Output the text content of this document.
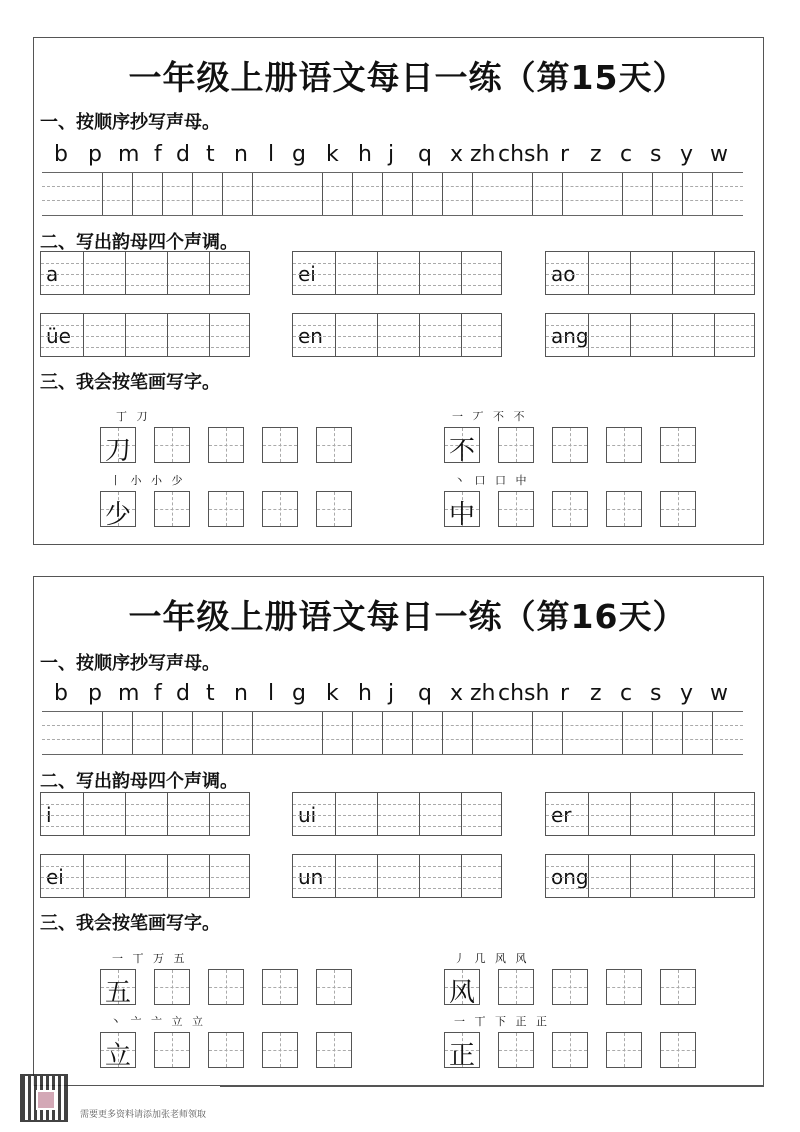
一年级上册语文每日一练（第15天）
一、按顺序抄写声母。
b p m f d t n l g k h j q x zh ch sh r z c s y w
二、写出韵母四个声调。
a	ei	ao
üe	en	ang
三、我会按笔画写字。
丁 刀
刀
一 丆 不 不
不
丨 小 小 少
少
丶 口 口 中
中
一年级上册语文每日一练（第16天）
一、按顺序抄写声母。
b p m f d t n l g k h j q x zh ch sh r z c s y w
二、写出韵母四个声调。
i	ui	er
ei	un	ong
三、我会按笔画写字。
一 丅 万 五
五
丿 几 风 风
风
丶 亠 亠 立 立
立
一 丅 下 正 正
正
需要更多资料请添加张老师领取
